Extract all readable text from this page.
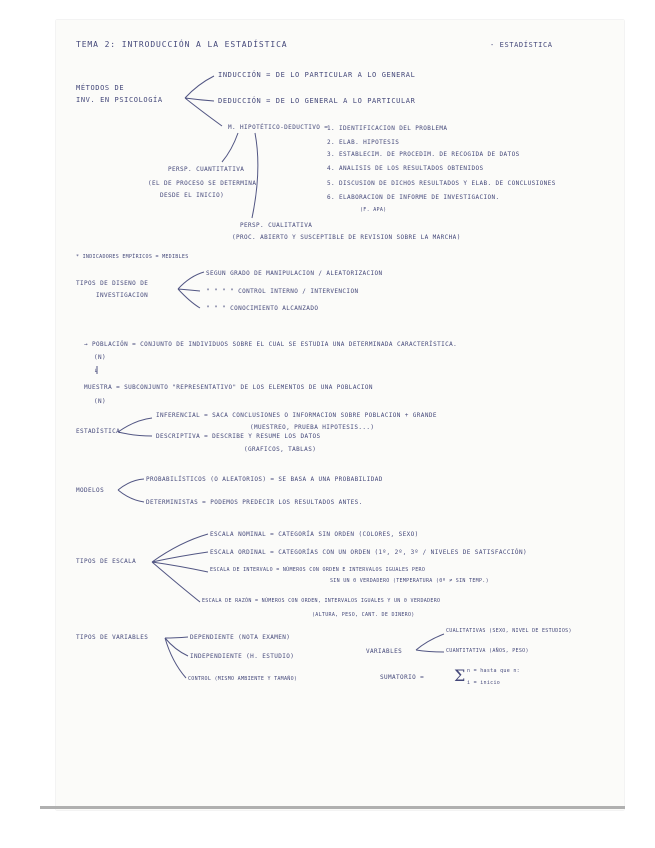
TEMA 2: INTRODUCCIÓN A LA ESTADÍSTICA	- ESTADÍSTICA
MÉTODOS DE
INV. EN PSICOLOGÍA
INDUCCIÓN = DE LO PARTICULAR A LO GENERAL
DEDUCCIÓN = DE LO GENERAL A LO PARTICULAR
M. HIPOTÉTICO-DEDUCTIVO =
1. IDENTIFICACIÓN DEL PROBLEMA
2. ELAB. HIPÓTESIS
3. ESTABLECIM. DE PROCEDIM. DE RECOGIDA DE DATOS
4. ANÁLISIS DE LOS RESULTADOS OBTENIDOS
5. DISCUSIÓN DE DICHOS RESULTADOS Y ELAB. DE CONCLUSIONES
6. ELABORACIÓN DE INFORME DE INVESTIGACIÓN.
(F. APA)
PERSP. CUANTITATIVA
(EL DE PROCESO SE DETERMINA
DESDE EL INICIO)
PERSP. CUALITATIVA
(PROC. ABIERTO Y SUSCEPTIBLE DE REVISIÓN SOBRE LA MARCHA)
* INDICADORES EMPÍRICOS = MEDIBLES
TIPOS DE DISEÑO DE
INVESTIGACIÓN
SEGÚN GRADO DE MANIPULACIÓN / ALEATORIZACIÓN
" " " " CONTROL INTERNO / INTERVENCIÓN
" " " CONOCIMIENTO ALCANZADO
→ POBLACIÓN = CONJUNTO DE INDIVIDUOS SOBRE EL CUAL SE ESTUDIA UNA DETERMINADA CARACTERÍSTICA.
(N)
↓
MUESTRA = SUBCONJUNTO "REPRESENTATIVO" DE LOS ELEMENTOS DE UNA POBLACIÓN
(N)
ESTADÍSTICA
INFERENCIAL = SACA CONCLUSIONES O INFORMACIÓN SOBRE POBLACIÓN + GRANDE
(MUESTREO, PRUEBA HIPÓTESIS...)
DESCRIPTIVA = DESCRIBE Y RESUME LOS DATOS
(GRÁFICOS, TABLAS)
MODELOS
PROBABILÍSTICOS (O ALEATORIOS) = SE BASA A UNA PROBABILIDAD
DETERMINISTAS = PODEMOS PREDECIR LOS RESULTADOS ANTES.
TIPOS DE ESCALA
ESCALA NOMINAL = CATEGORÍA SIN ORDEN (COLORES, SEXO)
ESCALA ORDINAL = CATEGORÍAS CON UN ORDEN (1º, 2º, 3º / NIVELES DE SATISFACCIÓN)
ESCALA DE INTERVALO = NÚMEROS CON ORDEN E INTERVALOS IGUALES PERO
SIN UN 0 VERDADERO (TEMPERATURA (0º ≠ SIN TEMP.)
ESCALA DE RAZÓN = NÚMEROS CON ORDEN, INTERVALOS IGUALES Y UN 0 VERDADERO
(ALTURA, PESO, CANT. DE DINERO)
TIPOS DE VARIABLES	DEPENDIENTE (NOTA EXAMEN)
INDEPENDIENTE (H. ESTUDIO)
CONTROL (MISMO AMBIENTE Y TAMAÑO)
VARIABLES
CUALITATIVAS (SEXO, NIVEL DE ESTUDIOS)
CUANTITATIVA (AÑOS, PESO)
SUMATORIO = Σ n = hasta que n:
i = inicio
